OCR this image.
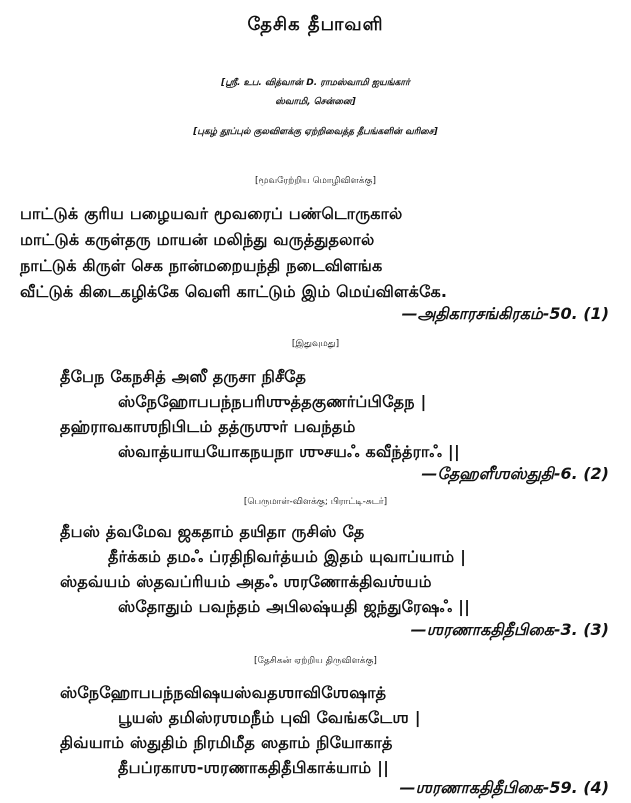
தேசிக தீபாவளி
[ஸ்ரீ. உப. வித்வான் D. ராமஸ்வாமி ஐயங்கார்
ஸ்வாமி, சென்னை]
[புகழ் தூப்புல் குலவிளக்கு ஏற்றிவைத்த தீபங்களின் வரிசை]
[மூவரேற்றிய மொழிவிளக்கு]
பாட்டுக் குரிய பழையவர் மூவரைப் பண்டொருகால்
மாட்டுக் கருள்தரு மாயன் மலிந்து வருத்துதலால்
நாட்டுக் கிருள் செக நான்மறையந்தி நடைவிளங்க
வீட்டுக் கிடைகழிக்கே வெளி காட்டும் இம் மெய்விளக்கே.
—அதிகாரசங்கிரகம்-50. (1)
[இதுவுமது]
தீபேந கேநசித் அஸீ தருசா நிசீதே
ஸ்நேஹோபபந்நபரிஶுத்தகுணர்ப்பிதேந |
தஹ்ராவகாஶநிபிடம் தத்ருஶுர் பவந்தம்
ஸ்வாத்யாயயோகநயநா ஶுசயஃ கவீந்த்ராஃ ||
—தேஹளீஶஸ்துதி-6. (2)
[பெருமாள்-விளக்கு; பிராட்டி-சுடர்]
தீபஸ் த்வமேவ ஜகதாம் தயிதா ருசிஸ் தே
தீர்க்கம் தமஃ ப்ரதிநிவர்த்யம் இதம் யுவாப்யாம் |
ஸ்தவ்யம் ஸ்தவப்ரியம் அதஃ ஶரணோக்திவஶ்யம்
ஸ்தோதும் பவந்தம் அபிலஷ்யதி ஜந்துரேஷஃ ||
—ஶரணாகதிதீபிகை-3. (3)
[தேசிகன் ஏற்றிய திருவிளக்கு]
ஸ்நேஹோபபந்நவிஷயஸ்வதஶாவிஶேஷாத்
பூயஸ் தமிஸ்ரஶமநீம் புவி வேங்கடேஶ |
திவ்யாம் ஸ்துதிம் நிரமிமீத ஸதாம் நியோகாத்
தீபப்ரகாஶ-ஶரணாகதிதீபிகாக்யாம் ||
—ஶரணாகதிதீபிகை-59. (4)
